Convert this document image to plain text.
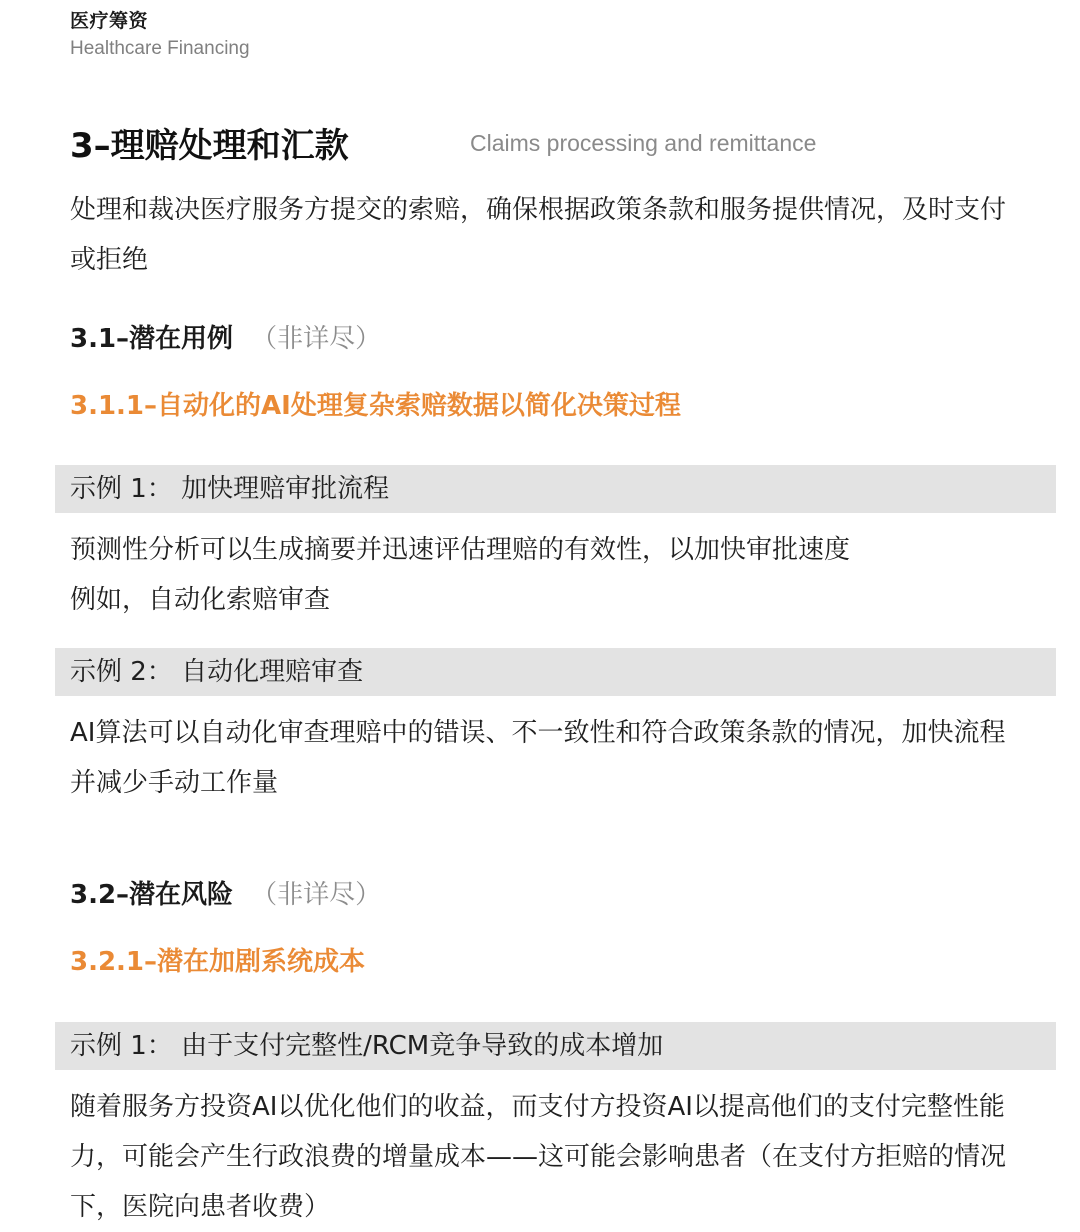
医疗筹资
Healthcare Financing
3–理赔处理和汇款	Claims processing and remittance
处理和裁决医疗服务方提交的索赔，确保根据政策条款和服务提供情况，及时支付或拒绝
3.1–潜在用例 （非详尽）
3.1.1–自动化的AI处理复杂索赔数据以简化决策过程
示例 1： 加快理赔审批流程
预测性分析可以生成摘要并迅速评估理赔的有效性，以加快审批速度
例如，自动化索赔审查
示例 2： 自动化理赔审查
AI算法可以自动化审查理赔中的错误、不一致性和符合政策条款的情况，加快流程并减少手动工作量
3.2–潜在风险 （非详尽）
3.2.1–潜在加剧系统成本
示例 1： 由于支付完整性/RCM竞争导致的成本增加
随着服务方投资AI以优化他们的收益，而支付方投资AI以提高他们的支付完整性能力，可能会产生行政浪费的增量成本——这可能会影响患者（在支付方拒赔的情况下，医院向患者收费）
